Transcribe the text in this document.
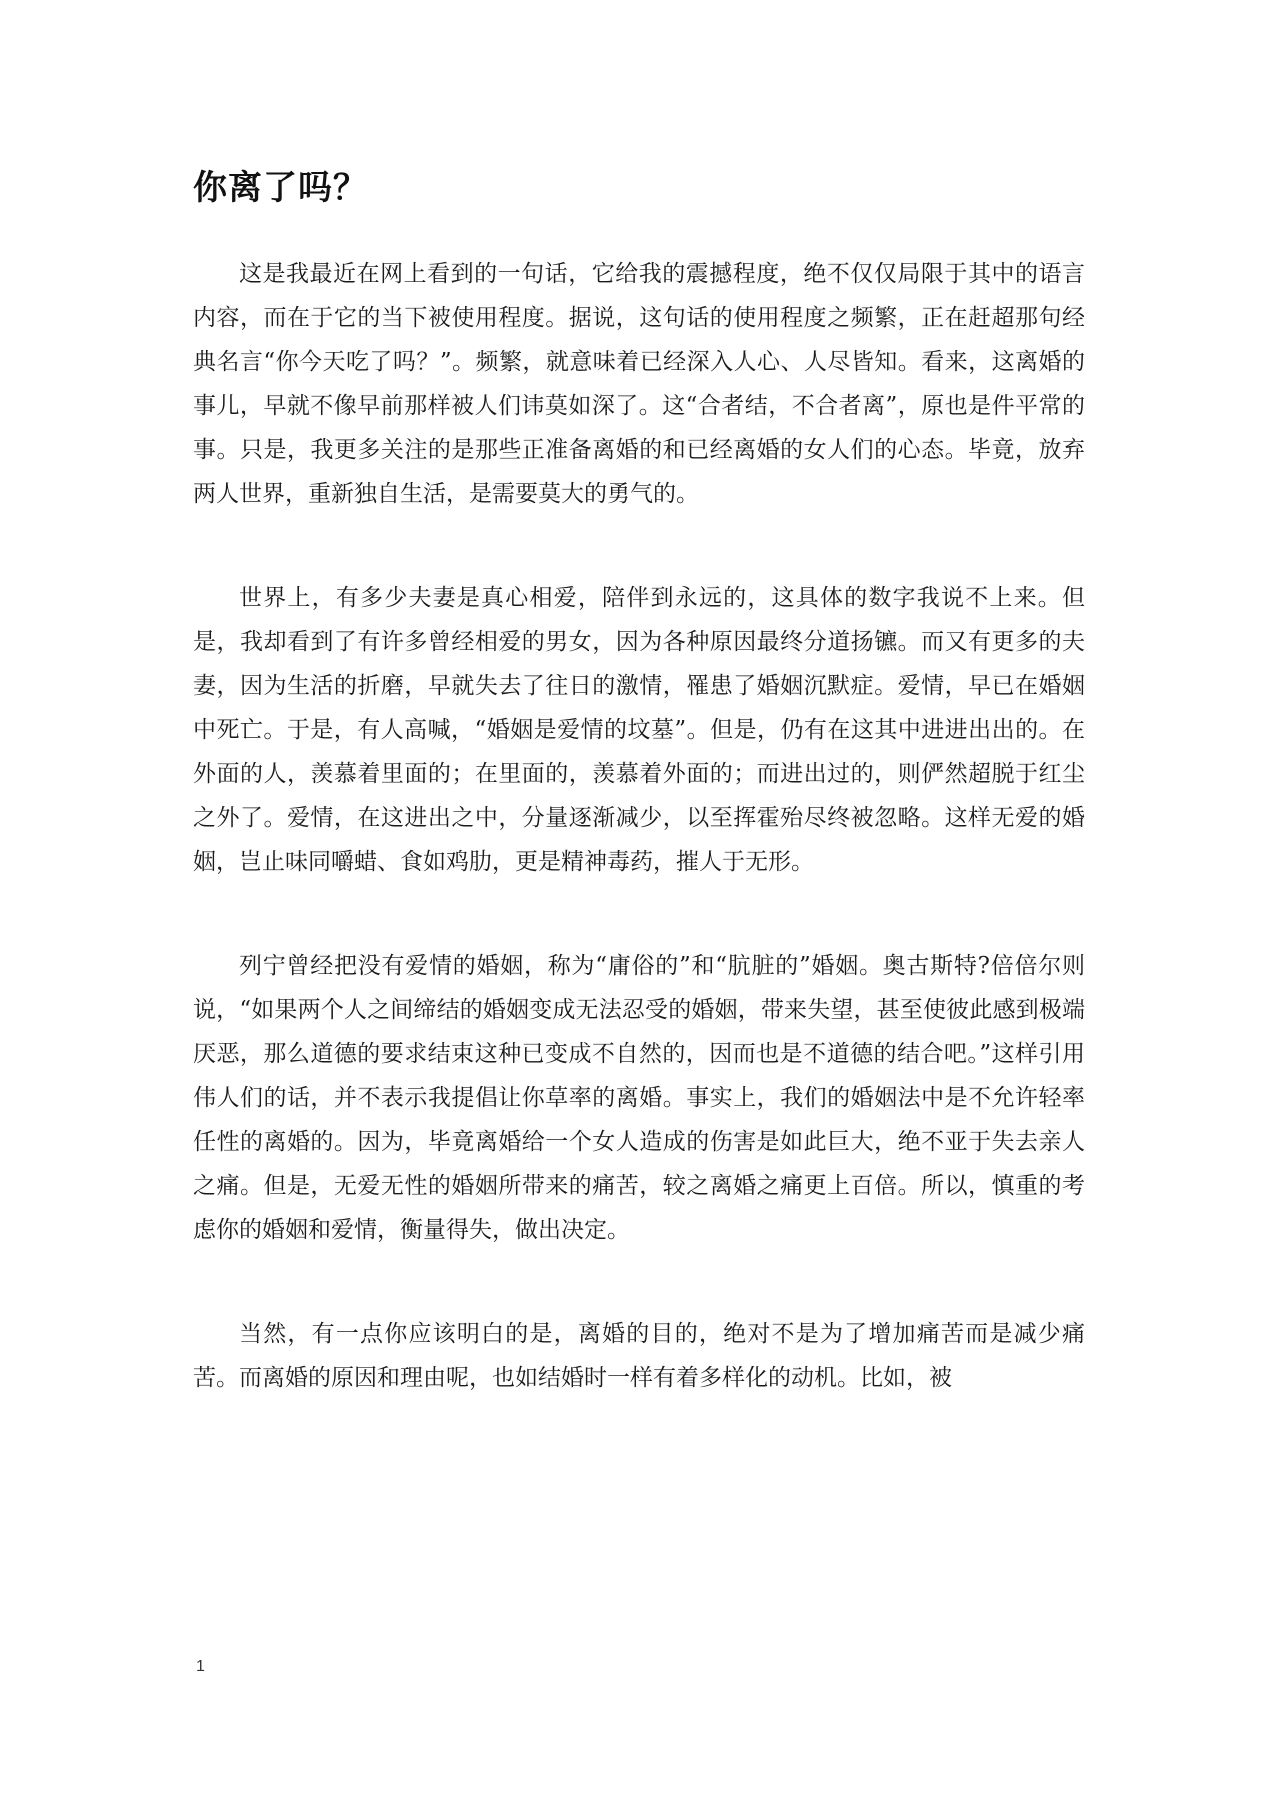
你离了吗？

这是我最近在网上看到的一句话，它给我的震撼程度，绝不仅仅局限于其中的语言内容，而在于它的当下被使用程度。据说，这句话的使用程度之频繁，正在赶超那句经典名言“你今天吃了吗？”。频繁，就意味着已经深入人心、人尽皆知。看来，这离婚的事儿，早就不像早前那样被人们讳莫如深了。这“合者结，不合者离”，原也是件平常的事。只是，我更多关注的是那些正准备离婚的和已经离婚的女人们的心态。毕竟，放弃两人世界，重新独自生活，是需要莫大的勇气的。

世界上，有多少夫妻是真心相爱，陪伴到永远的，这具体的数字我说不上来。但是，我却看到了有许多曾经相爱的男女，因为各种原因最终分道扬镳。而又有更多的夫妻，因为生活的折磨，早就失去了往日的激情，罹患了婚姻沉默症。爱情，早已在婚姻中死亡。于是，有人高喊，“婚姻是爱情的坟墓”。但是，仍有在这其中进进出出的。在外面的人，羡慕着里面的；在里面的，羡慕着外面的；而进出过的，则俨然超脱于红尘之外了。爱情，在这进出之中，分量逐渐减少，以至挥霍殆尽终被忽略。这样无爱的婚姻，岂止味同嚼蜡、食如鸡肋，更是精神毒药，摧人于无形。

列宁曾经把没有爱情的婚姻，称为“庸俗的”和“肮脏的”婚姻。奥古斯特?倍倍尔则说，“如果两个人之间缔结的婚姻变成无法忍受的婚姻，带来失望，甚至使彼此感到极端厌恶，那么道德的要求结束这种已变成不自然的，因而也是不道德的结合吧。”这样引用伟人们的话，并不表示我提倡让你草率的离婚。事实上，我们的婚姻法中是不允许轻率任性的离婚的。因为，毕竟离婚给一个女人造成的伤害是如此巨大，绝不亚于失去亲人之痛。但是，无爱无性的婚姻所带来的痛苦，较之离婚之痛更上百倍。所以，慎重的考虑你的婚姻和爱情，衡量得失，做出决定。

当然，有一点你应该明白的是，离婚的目的，绝对不是为了增加痛苦而是减少痛苦。而离婚的原因和理由呢，也如结婚时一样有着多样化的动机。比如，被

1
